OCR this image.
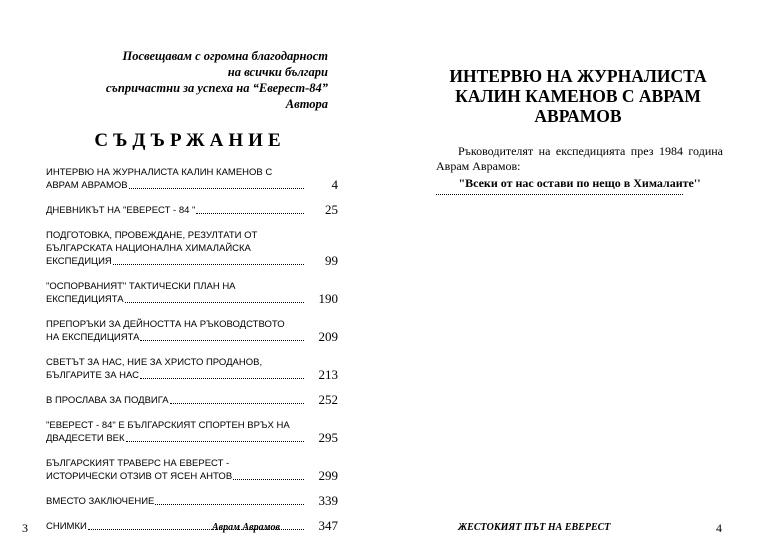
Посвещавам с огромна благодарност
на всички българи
съпричастни за успеха на “Еверест-84”
Автора
СЪДЪРЖАНИЕ
ИНТЕРВЮ НА ЖУРНАЛИСТА КАЛИН КАМЕНОВ С
АВРАМ АВРАМОВ	4
ДНЕВНИКЪТ НА "ЕВЕРЕСТ - 84 "	25
ПОДГОТОВКА, ПРОВЕЖДАНЕ, РЕЗУЛТАТИ ОТ
БЪЛГАРСКАТА НАЦИОНАЛНА ХИМАЛАЙСКА
ЕКСПЕДИЦИЯ	99
"ОСПОРВАНИЯТ" ТАКТИЧЕСКИ ПЛАН НА
ЕКСПЕДИЦИЯТА	190
ПРЕПОРЪКИ ЗА ДЕЙНОСТТА НА РЪКОВОДСТВОТО
НА ЕКСПЕДИЦИЯТА	209
СВЕТЪТ ЗА НАС, НИЕ ЗА ХРИСТО ПРОДАНОВ,
БЪЛГАРИТЕ ЗА НАС	213
В ПРОСЛАВА ЗА ПОДВИГА	252
"ЕВЕРЕСТ - 84" Е БЪЛГАРСКИЯТ СПОРТЕН ВРЪХ НА
ДВАДЕСЕТИ ВЕК	295
БЪЛГАРСКИЯТ ТРАВЕРС НА ЕВЕРЕСТ -
ИСТОРИЧЕСКИ ОТЗИВ ОТ ЯСЕН АНТОВ	299
ВМЕСТО ЗАКЛЮЧЕНИЕ	339
СНИМКИ	347
3	Аврам Аврамов
ИНТЕРВЮ НА ЖУРНАЛИСТА
КАЛИН КАМЕНОВ С АВРАМ
АВРАМОВ
Ръководителят на експедицията през 1984 година Аврам Аврамов:
"Всеки от нас остави по нещо в Хималаите''
ЖЕСТОКИЯТ ПЪТ НА ЕВЕРЕСТ	4
